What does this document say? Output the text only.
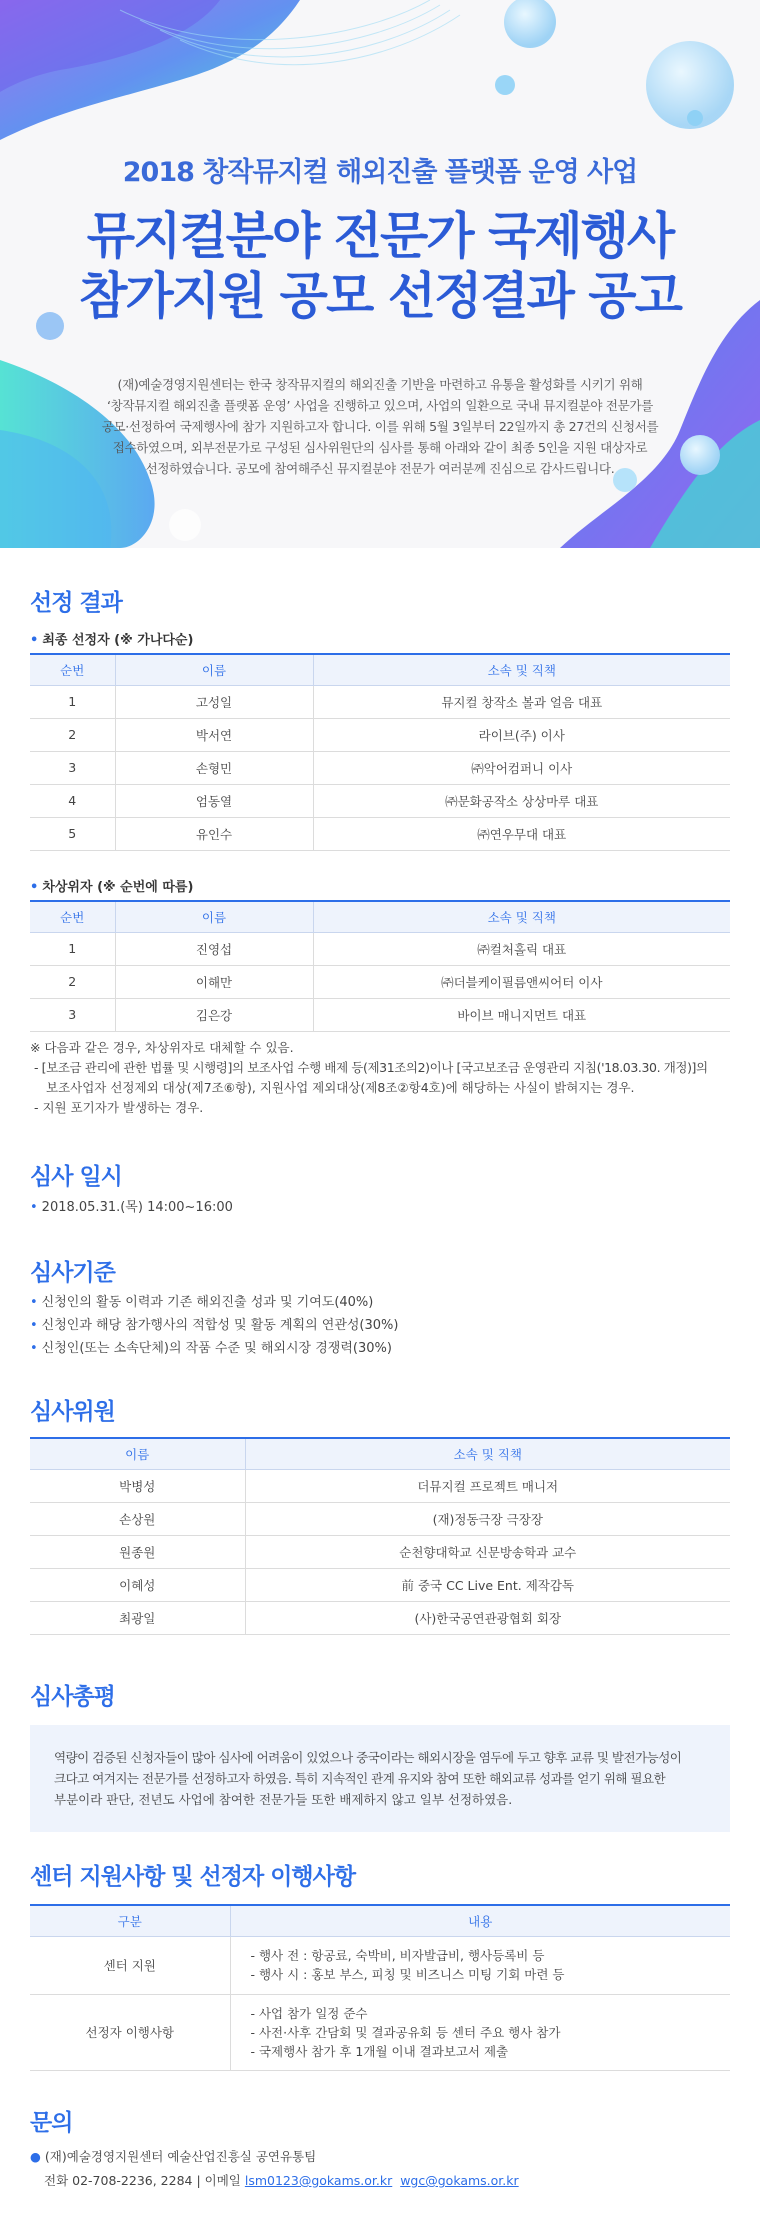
2018 창작뮤지컬 해외진출 플랫폼 운영 사업
뮤지컬분야 전문가 국제행사
참가지원 공모 선정결과 공고
(재)예술경영지원센터는 한국 창작뮤지컬의 해외진출 기반을 마련하고 유통을 활성화를 시키기 위해
‘창작뮤지컬 해외진출 플랫폼 운영’ 사업을 진행하고 있으며, 사업의 일환으로 국내 뮤지컬분야 전문가를
공모·선정하여 국제행사에 참가 지원하고자 합니다. 이를 위해 5월 3일부터 22일까지 총 27건의 신청서를
접수하였으며, 외부전문가로 구성된 심사위원단의 심사를 통해 아래와 같이 최종 5인을 지원 대상자로
선정하였습니다. 공모에 참여해주신 뮤지컬분야 전문가 여러분께 진심으로 감사드립니다.
선정 결과
• 최종 선정자 (※ 가나다순)
순번	이름	소속 및 직책
1	고성일	뮤지컬 창작소 볼과 얼음 대표
2	박서연	라이브(주) 이사
3	손형민	㈜악어컴퍼니 이사
4	엄동열	㈜문화공작소 상상마루 대표
5	유인수	㈜연우무대 대표
• 차상위자 (※ 순번에 따름)
순번	이름	소속 및 직책
1	진영섭	㈜컬처홀릭 대표
2	이해만	㈜더블케이필름앤씨어터 이사
3	김은강	바이브 매니지먼트 대표
※ 다음과 같은 경우, 차상위자로 대체할 수 있음.
- [보조금 관리에 관한 법률 및 시행령]의 보조사업 수행 배제 등(제31조의2)이나 [국고보조금 운영관리 지침('18.03.30. 개정)]의
보조사업자 선정제외 대상(제7조⑥항), 지원사업 제외대상(제8조②항4호)에 해당하는 사실이 밝혀지는 경우.
- 지원 포기자가 발생하는 경우.
심사 일시
• 2018.05.31.(목) 14:00~16:00
심사기준
• 신청인의 활동 이력과 기존 해외진출 성과 및 기여도(40%)
• 신청인과 해당 참가행사의 적합성 및 활동 계획의 연관성(30%)
• 신청인(또는 소속단체)의 작품 수준 및 해외시장 경쟁력(30%)
심사위원
이름	소속 및 직책
박병성	더뮤지컬 프로젝트 매니저
손상원	(재)정동극장 극장장
원종원	순천향대학교 신문방송학과 교수
이혜성	前 중국 CC Live Ent. 제작감독
최광일	(사)한국공연관광협회 회장
심사총평
역량이 검증된 신청자들이 많아 심사에 어려움이 있었으나 중국이라는 해외시장을 염두에 두고 향후 교류 및 발전가능성이
크다고 여겨지는 전문가를 선정하고자 하였음. 특히 지속적인 관계 유지와 참여 또한 해외교류 성과를 얻기 위해 필요한
부분이라 판단, 전년도 사업에 참여한 전문가들 또한 배제하지 않고 일부 선정하였음.
센터 지원사항 및 선정자 이행사항
구분	내용
센터 지원	- 행사 전 : 항공료, 숙박비, 비자발급비, 행사등록비 등
- 행사 시 : 홍보 부스, 피칭 및 비즈니스 미팅 기회 마련 등

선정자 이행사항	- 사업 참가 일정 준수
- 사전·사후 간담회 및 결과공유회 등 센터 주요 행사 참가
- 국제행사 참가 후 1개월 이내 결과보고서 제출
문의
● (재)예술경영지원센터 예술산업진흥실 공연유통팀
전화 02-708-2236, 2284 | 이메일 lsm0123@gokams.or.kr wgc@gokams.or.kr
